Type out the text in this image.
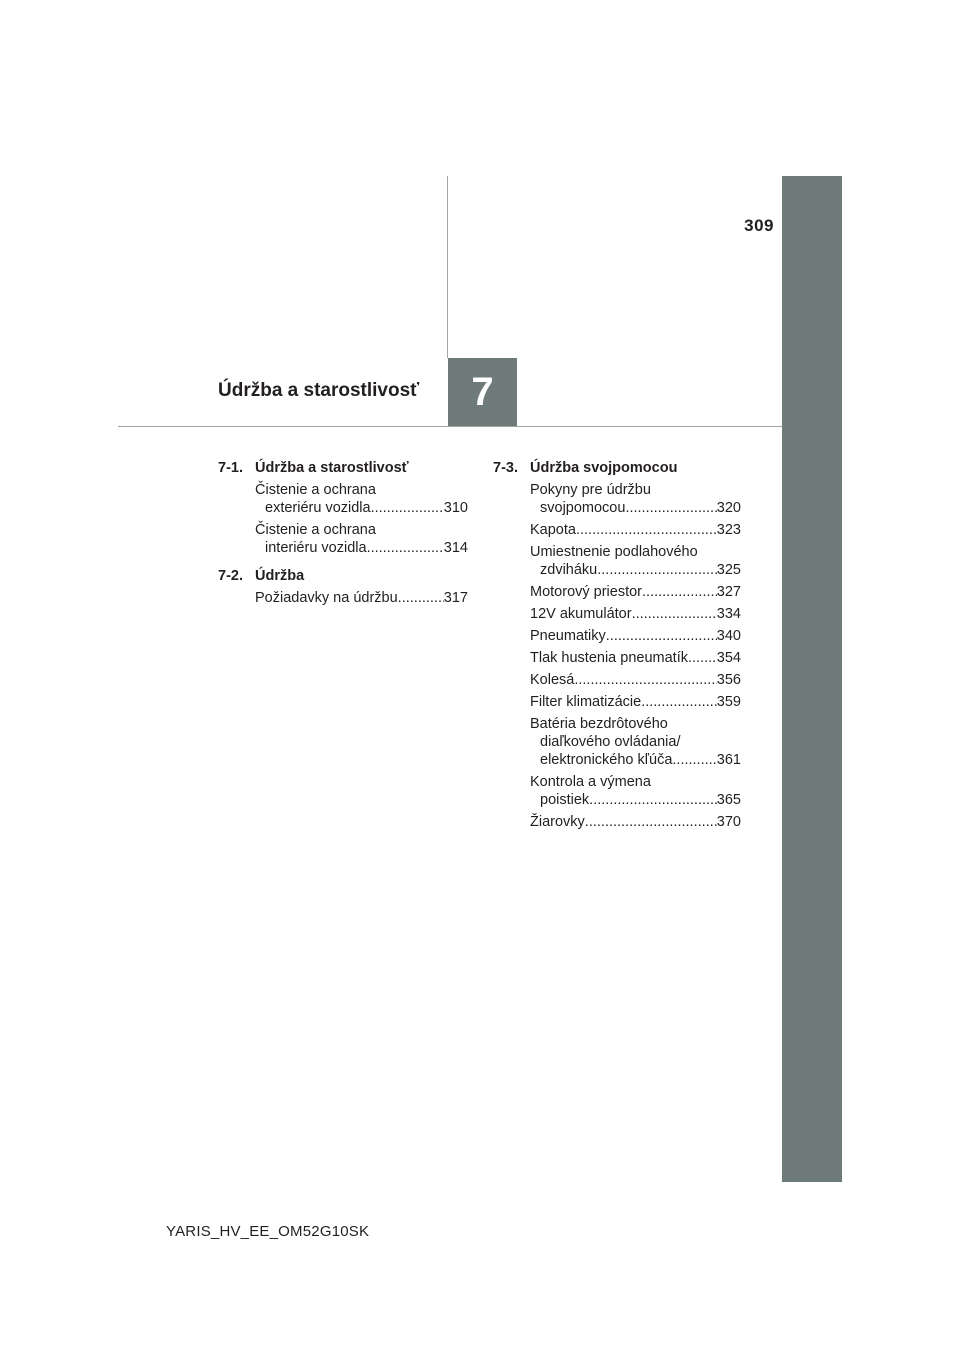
309
7
Údržba a starostlivosť
7-1. Údržba a starostlivosť
Čistenie a ochrana
exteriéru vozidla .....	310
Čistenie a ochrana
interiéru vozidla .....	314
7-2. Údržba
Požiadavky na údržbu .....	317
7-3. Údržba svojpomocou
Pokyny pre údržbu
svojpomocou .....	320
Kapota .....	323
Umiestnenie podlahového
zdviháku .....	325
Motorový priestor .....	327
12V akumulátor .....	334
Pneumatiky .....	340
Tlak hustenia pneumatík ..... 354
Kolesá .....	356
Filter klimatizácie .....	359
Batéria bezdrôtového
diaľkového ovládania/
elektronického kľúča .....	361
Kontrola a výmena
poistiek .....	365
Žiarovky .....	370
YARIS_HV_EE_OM52G10SK
